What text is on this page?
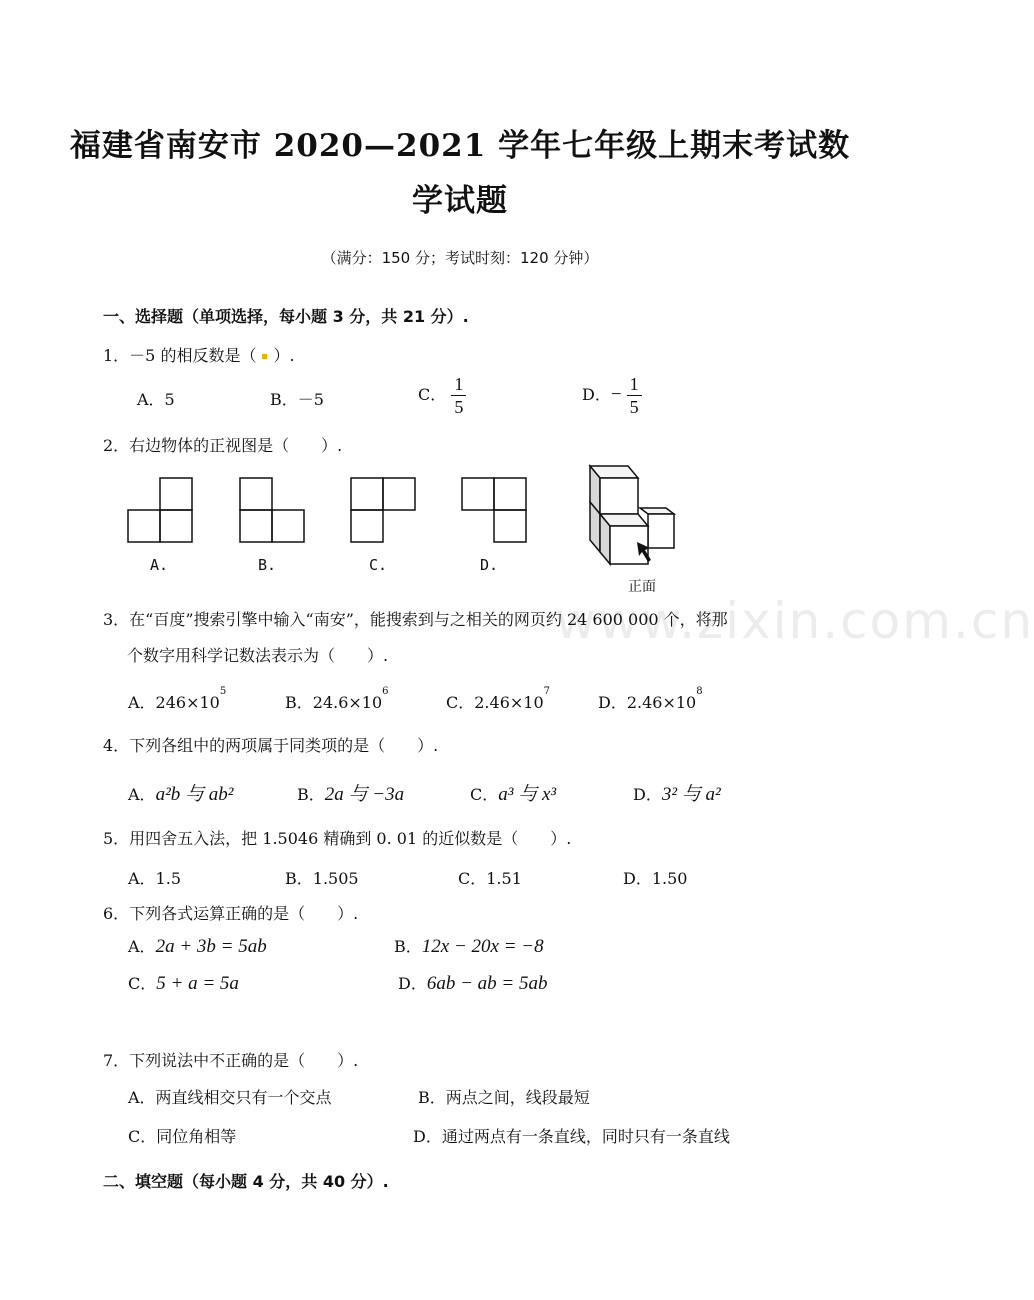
www.zixin.com.cn
福建省南安市 2020—2021 学年七年级上期末考试数
学试题
（满分：150 分；考试时刻：120 分钟）
一、选择题（单项选择，每小题 3 分，共 21 分）.
1．－5 的相反数是（ ）.
A．5	B．－5	C． $\frac{1}{5}$	D．− $\frac{1}{5}$
2．右边物体的正视图是（　　）.
A.	B.	C.	D.
正面
3．在“百度”搜索引擎中输入“南安”，能搜索到与之相关的网页约 24 600 000 个，将那
个数字用科学记数法表示为（　　）.
A．$246\times 10^5$
B．$24.6\times 10^6$
C．$2.46\times 10^7$
D．$2.46\times 10^8$
4．下列各组中的两项属于同类项的是（　　）.
A．a²b 与 ab²	B．2a 与 −3a	C．a³ 与 x³	D．3² 与 a²
5．用四舍五入法，把 1.5046 精确到 0. 01 的近似数是（　　）.
A．1.5	B．1.505	C．1.51	D．1.50
6．下列各式运算正确的是（　　）.
A．2a + 3b = 5ab	B．12x − 20x = −8
C．5 + a = 5a	D．6ab − ab = 5ab
7．下列说法中不正确的是（　　）.
A．两直线相交只有一个交点	B．两点之间，线段最短
C．同位角相等	D．通过两点有一条直线，同时只有一条直线
二、填空题（每小题 4 分，共 40 分）.
